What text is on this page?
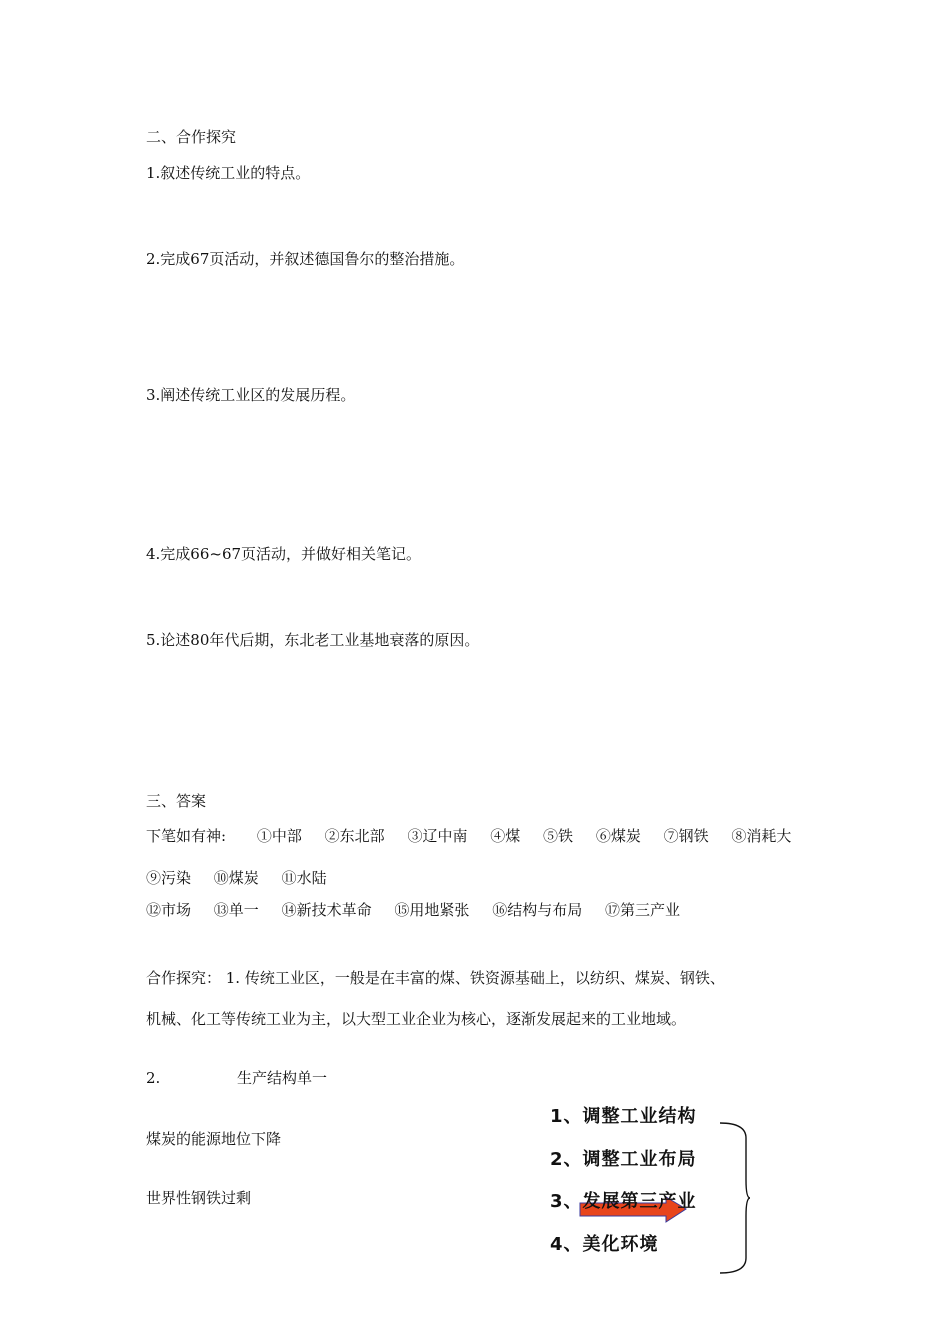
二、合作探究
1.叙述传统工业的特点。
2.完成67页活动，并叙述德国鲁尔的整治措施。
3.阐述传统工业区的发展历程。
4.完成66~67页活动，并做好相关笔记。
5.论述80年代后期，东北老工业基地衰落的原因。
三、答案
下笔如有神: ①中部 ②东北部 ③辽中南 ④煤 ⑤铁 ⑥煤炭 ⑦钢铁 ⑧消耗大
⑨污染 ⑩煤炭 ⑪水陆
⑫市场 ⑬单一 ⑭新技术革命 ⑮用地紧张 ⑯结构与布局 ⑰第三产业
合作探究： 1. 传统工业区，一般是在丰富的煤、铁资源基础上，以纺织、煤炭、钢铁、
机械、化工等传统工业为主，以大型工业企业为核心，逐渐发展起来的工业地域。
2.	生产结构单一
煤炭的能源地位下降
世界性钢铁过剩
1、调整工业结构
2、调整工业布局
3、发展第三产业
4、美化环境
